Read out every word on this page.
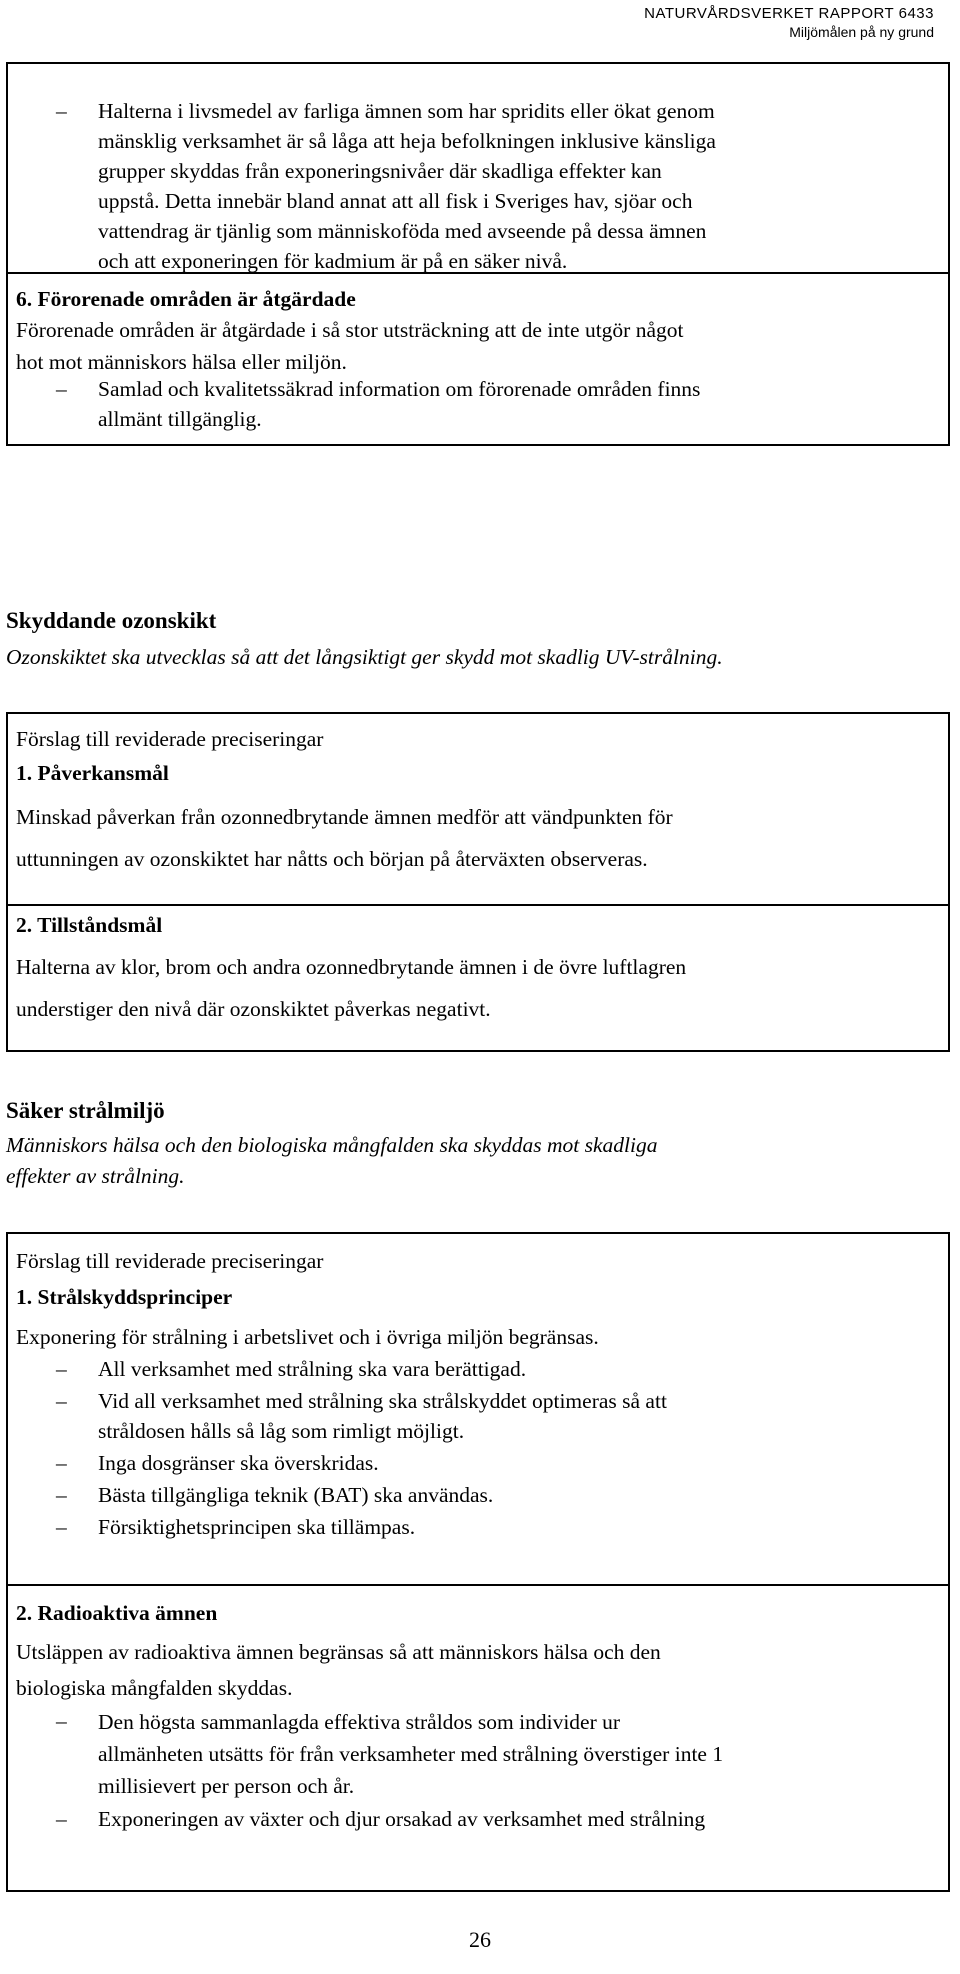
NATURVÅRDSVERKET RAPPORT 6433
Miljömålen på ny grund
–	Halterna i livsmedel av farliga ämnen som har spridits eller ökat genom
mänsklig verksamhet är så låga att heja befolkningen inklusive känsliga
grupper skyddas från exponeringsnivåer där skadliga effekter kan
uppstå. Detta innebär bland annat att all fisk i Sveriges hav, sjöar och
vattendrag är tjänlig som människoföda med avseende på dessa ämnen
och att exponeringen för kadmium är på en säker nivå.
6. Förorenade områden är åtgärdade
Förorenade områden är åtgärdade i så stor utsträckning att de inte utgör något
hot mot människors hälsa eller miljön.
–	Samlad och kvalitetssäkrad information om förorenade områden finns
allmänt tillgänglig.
Skyddande ozonskikt
Ozonskiktet ska utvecklas så att det långsiktigt ger skydd mot skadlig UV-strålning.
Förslag till reviderade preciseringar
1. Påverkansmål
Minskad påverkan från ozonnedbrytande ämnen medför att vändpunkten för
uttunningen av ozonskiktet har nåtts och början på återväxten observeras.
2. Tillståndsmål
Halterna av klor, brom och andra ozonnedbrytande ämnen i de övre luftlagren
understiger den nivå där ozonskiktet påverkas negativt.
Säker strålmiljö
Människors hälsa och den biologiska mångfalden ska skyddas mot skadliga
effekter av strålning.
Förslag till reviderade preciseringar
1. Strålskyddsprinciper
Exponering för strålning i arbetslivet och i övriga miljön begränsas.
–	All verksamhet med strålning ska vara berättigad.
–	Vid all verksamhet med strålning ska strålskyddet optimeras så att
stråldosen hålls så låg som rimligt möjligt.
–	Inga dosgränser ska överskridas.
–	Bästa tillgängliga teknik (BAT) ska användas.
–	Försiktighetsprincipen ska tillämpas.
2. Radioaktiva ämnen
Utsläppen av radioaktiva ämnen begränsas så att människors hälsa och den
biologiska mångfalden skyddas.
–	Den högsta sammanlagda effektiva stråldos som individer ur
allmänheten utsätts för från verksamheter med strålning överstiger inte 1
millisievert per person och år.
–	Exponeringen av växter och djur orsakad av verksamhet med strålning
26
